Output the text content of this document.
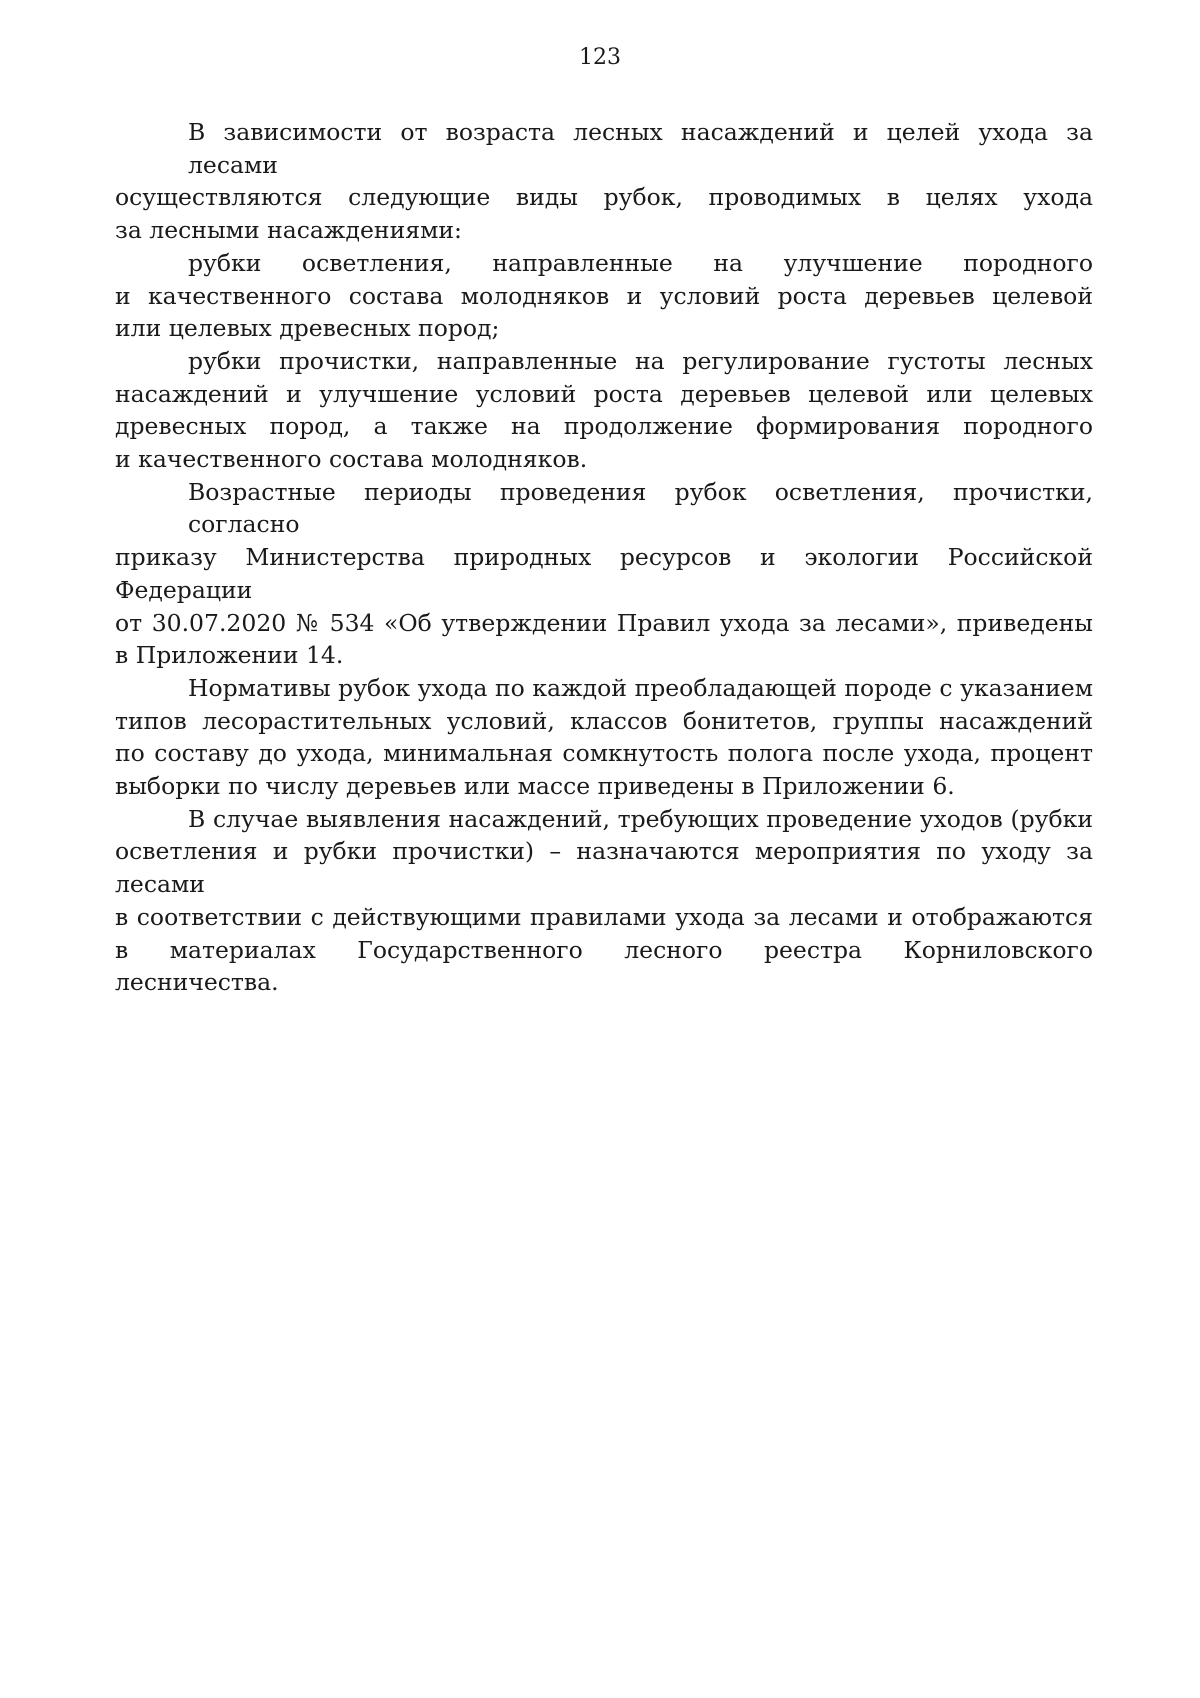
123

В зависимости от возраста лесных насаждений и целей ухода за лесами
осуществляются следующие виды рубок, проводимых в целях ухода
за лесными насаждениями:

рубки осветления, направленные на улучшение породного
и качественного состава молодняков и условий роста деревьев целевой
или целевых древесных пород;

рубки прочистки, направленные на регулирование густоты лесных
насаждений и улучшение условий роста деревьев целевой или целевых
древесных пород, а также на продолжение формирования породного
и качественного состава молодняков.

Возрастные периоды проведения рубок осветления, прочистки, согласно
приказу Министерства природных ресурсов и экологии Российской Федерации
от 30.07.2020 № 534 «Об утверждении Правил ухода за лесами», приведены
в Приложении 14.

Нормативы рубок ухода по каждой преобладающей породе с указанием
типов лесорастительных условий, классов бонитетов, группы насаждений
по составу до ухода, минимальная сомкнутость полога после ухода, процент
выборки по числу деревьев или массе приведены в Приложении 6.

В случае выявления насаждений, требующих проведение уходов (рубки
осветления и рубки прочистки) – назначаются мероприятия по уходу за лесами
в соответствии с действующими правилами ухода за лесами и отображаются
в материалах Государственного лесного реестра Корниловского лесничества.
